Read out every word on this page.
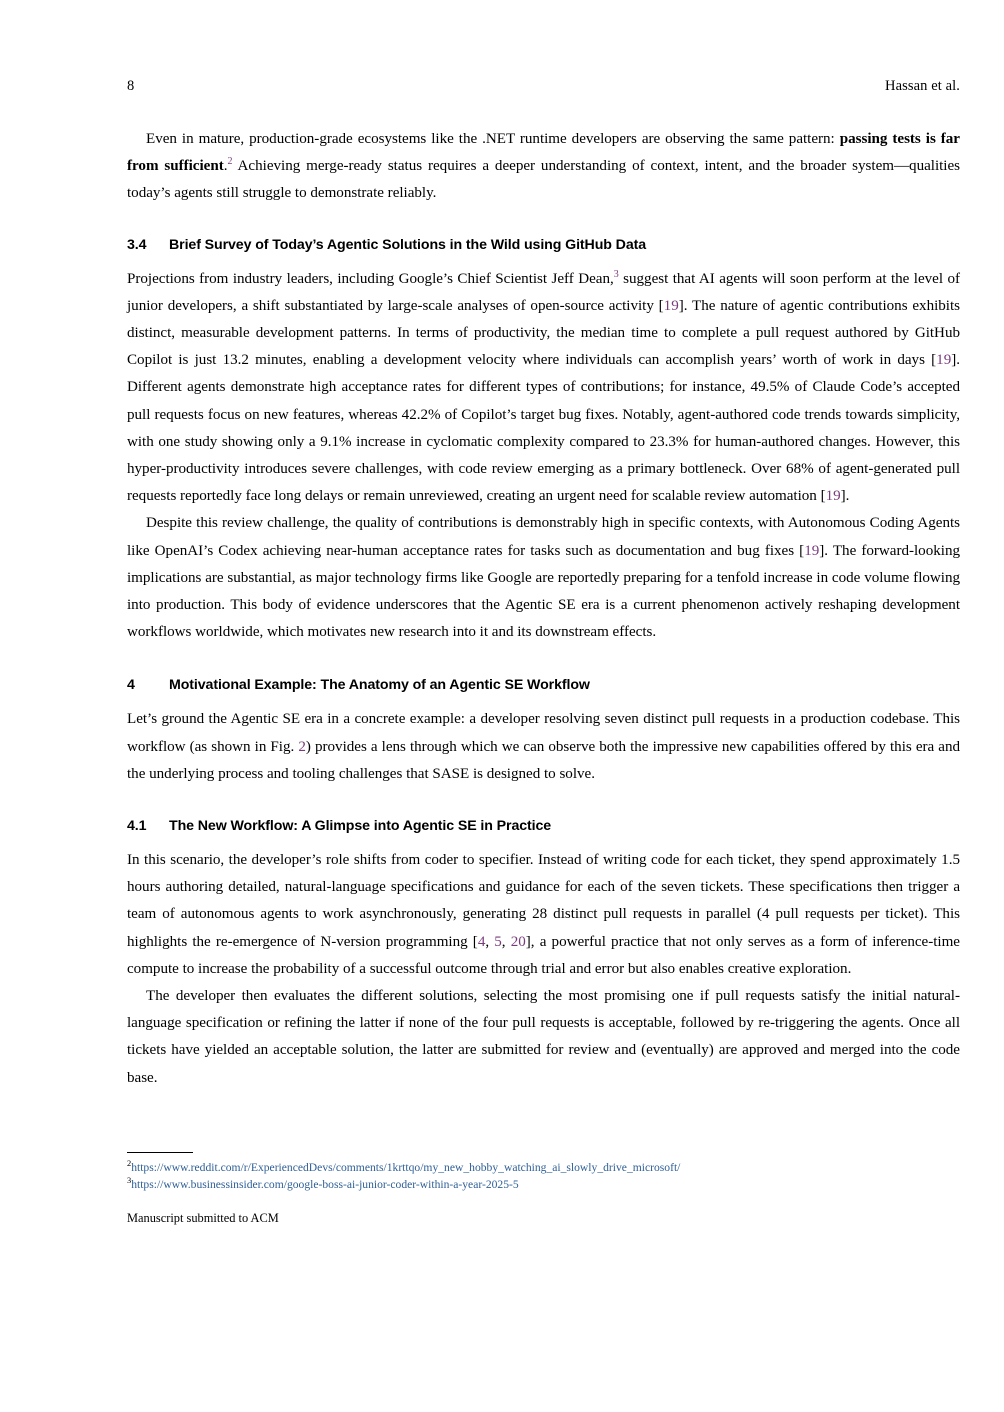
8	Hassan et al.

Even in mature, production-grade ecosystems like the .NET runtime developers are observing the same pattern: passing tests is far from sufficient.$^2$ Achieving merge-ready status requires a deeper understanding of context, intent, and the broader system—qualities today’s agents still struggle to demonstrate reliably.

3.4 Brief Survey of Today’s Agentic Solutions in the Wild using GitHub Data

Projections from industry leaders, including Google’s Chief Scientist Jeff Dean,$^3$ suggest that AI agents will soon perform at the level of junior developers, a shift substantiated by large-scale analyses of open-source activity [19]. The nature of agentic contributions exhibits distinct, measurable development patterns. In terms of productivity, the median time to complete a pull request authored by GitHub Copilot is just 13.2 minutes, enabling a development velocity where individuals can accomplish years’ worth of work in days [19]. Different agents demonstrate high acceptance rates for different types of contributions; for instance, 49.5% of Claude Code’s accepted pull requests focus on new features, whereas 42.2% of Copilot’s target bug fixes. Notably, agent-authored code trends towards simplicity, with one study showing only a 9.1% increase in cyclomatic complexity compared to 23.3% for human-authored changes. However, this hyper-productivity introduces severe challenges, with code review emerging as a primary bottleneck. Over 68% of agent-generated pull requests reportedly face long delays or remain unreviewed, creating an urgent need for scalable review automation [19].

Despite this review challenge, the quality of contributions is demonstrably high in specific contexts, with Autonomous Coding Agents like OpenAI’s Codex achieving near-human acceptance rates for tasks such as documentation and bug fixes [19]. The forward-looking implications are substantial, as major technology firms like Google are reportedly preparing for a tenfold increase in code volume flowing into production. This body of evidence underscores that the Agentic SE era is a current phenomenon actively reshaping development workflows worldwide, which motivates new research into it and its downstream effects.

4 Motivational Example: The Anatomy of an Agentic SE Workflow

Let’s ground the Agentic SE era in a concrete example: a developer resolving seven distinct pull requests in a production codebase. This workflow (as shown in Fig. 2) provides a lens through which we can observe both the impressive new capabilities offered by this era and the underlying process and tooling challenges that SASE is designed to solve.

4.1 The New Workflow: A Glimpse into Agentic SE in Practice

In this scenario, the developer’s role shifts from coder to specifier. Instead of writing code for each ticket, they spend approximately 1.5 hours authoring detailed, natural-language specifications and guidance for each of the seven tickets. These specifications then trigger a team of autonomous agents to work asynchronously, generating 28 distinct pull requests in parallel (4 pull requests per ticket). This highlights the re-emergence of N-version programming [4, 5, 20], a powerful practice that not only serves as a form of inference-time compute to increase the probability of a successful outcome through trial and error but also enables creative exploration.

The developer then evaluates the different solutions, selecting the most promising one if pull requests satisfy the initial natural-language specification or refining the latter if none of the four pull requests is acceptable, followed by re-triggering the agents. Once all tickets have yielded an acceptable solution, the latter are submitted for review and (eventually) are approved and merged into the code base.

$^2$https://www.reddit.com/r/ExperiencedDevs/comments/1krttqo/my_new_hobby_watching_ai_slowly_drive_microsoft/
$^3$https://www.businessinsider.com/google-boss-ai-junior-coder-within-a-year-2025-5
Manuscript submitted to ACM
